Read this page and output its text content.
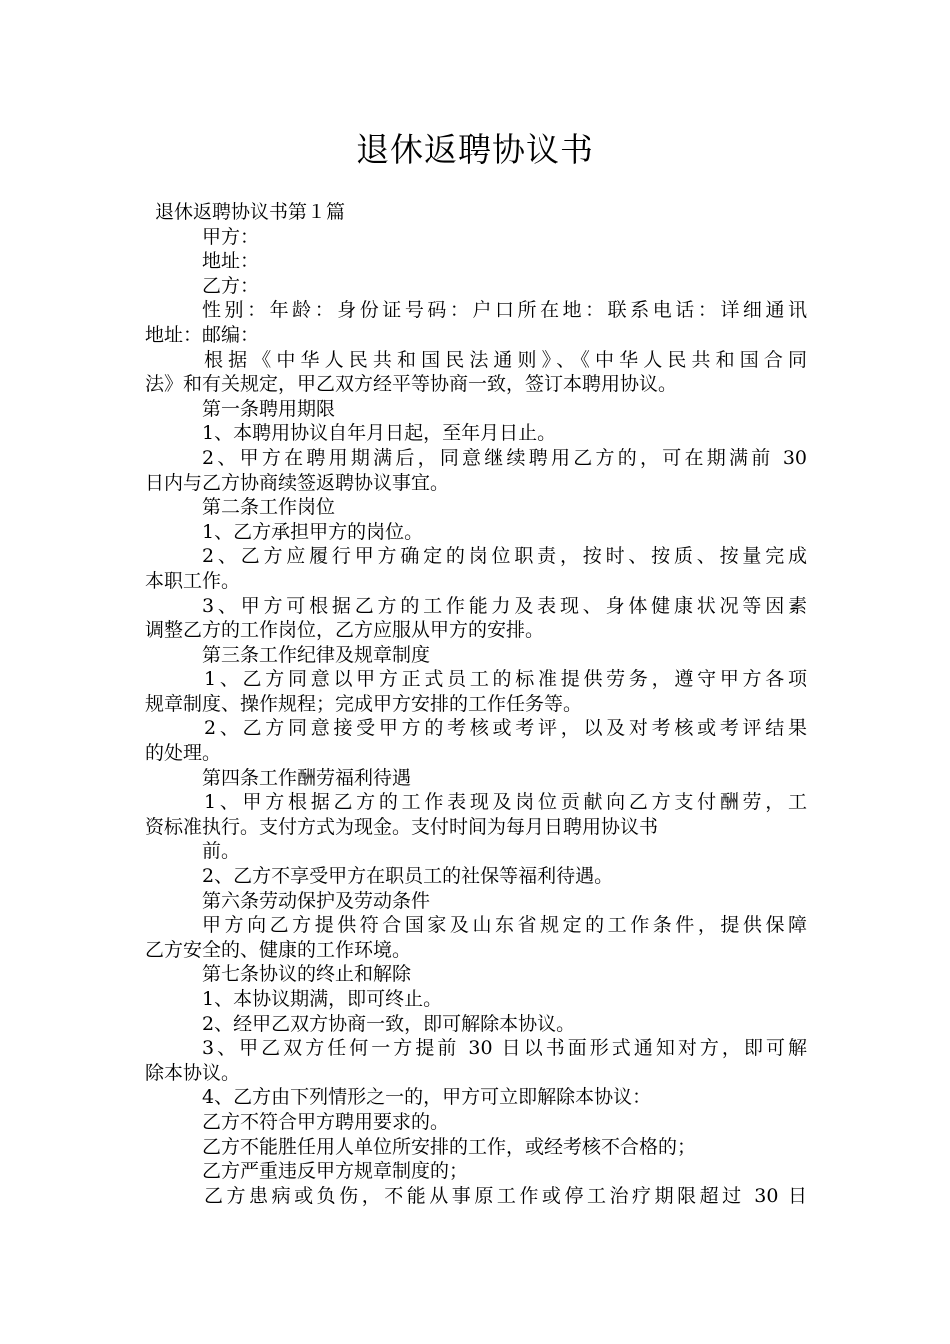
退休返聘协议书

退休返聘协议书第１篇

甲方：

地址：

乙方：

性别：年龄：身份证号码：户口所在地：联系电话：详细通讯

地址：邮编：

根据《中华人民共和国民法通则》、《中华人民共和国合同

法》和有关规定，甲乙双方经平等协商一致，签订本聘用协议。

第一条聘用期限

1、本聘用协议自年月日起，至年月日止。

2、甲方在聘用期满后，同意继续聘用乙方的，可在期满前 30

日内与乙方协商续签返聘协议事宜。

第二条工作岗位

1、乙方承担甲方的岗位。

2、乙方应履行甲方确定的岗位职责，按时、按质、按量完成

本职工作。

3、甲方可根据乙方的工作能力及表现、身体健康状况等因素

调整乙方的工作岗位，乙方应服从甲方的安排。

第三条工作纪律及规章制度

1、乙方同意以甲方正式员工的标准提供劳务，遵守甲方各项

规章制度、操作规程；完成甲方安排的工作任务等。

2、乙方同意接受甲方的考核或考评，以及对考核或考评结果

的处理。

第四条工作酬劳福利待遇

1、甲方根据乙方的工作表现及岗位贡献向乙方支付酬劳，工

资标准执行。支付方式为现金。支付时间为每月日聘用协议书

前。

2、乙方不享受甲方在职员工的社保等福利待遇。

第六条劳动保护及劳动条件

甲方向乙方提供符合国家及山东省规定的工作条件，提供保障

乙方安全的、健康的工作环境。

第七条协议的终止和解除

1、本协议期满，即可终止。

2、经甲乙双方协商一致，即可解除本协议。

3、甲乙双方任何一方提前 30 日以书面形式通知对方，即可解

除本协议。

4、乙方由下列情形之一的，甲方可立即解除本协议：

乙方不符合甲方聘用要求的。

乙方不能胜任用人单位所安排的工作，或经考核不合格的；

乙方严重违反甲方规章制度的；

乙方患病或负伤，不能从事原工作或停工治疗期限超过 30 日
